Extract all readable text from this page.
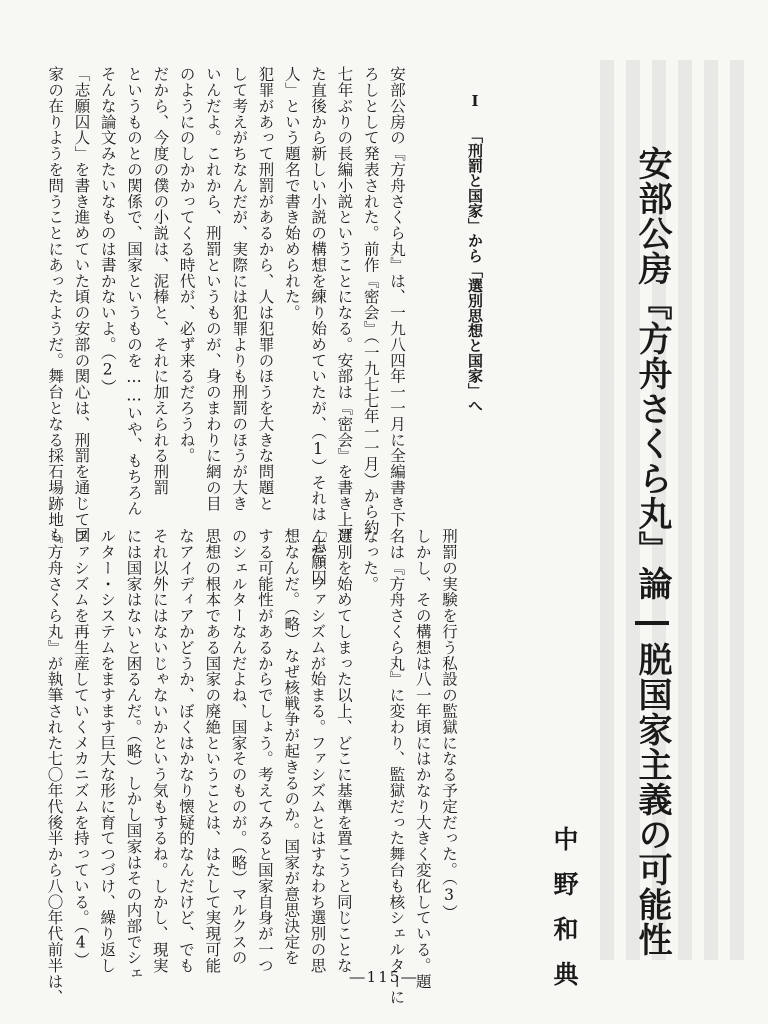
安部公房『方舟さくら丸』論―脱国家主義の可能性
中野和典
Ⅰ 「刑罰と国家」から「選別思想と国家」へ
安部公房の『方舟さくら丸』は、一九八四年一一月に全編書き下
ろしとして発表された。前作『密会』（一九七七年一一月）から約
七年ぶりの長編小説ということになる。安部は『密会』を書き上げ
た直後から新しい小説の構想を練り始めていたが、（1）それは「志願囚
人」という題名で書き始められた。
犯罪があって刑罰があるから、人は犯罪のほうを大きな問題と
して考えがちなんだが、実際には犯罪よりも刑罰のほうが大き
いんだよ。これから、刑罰というものが、身のまわりに網の目
のようにのしかかってくる時代が、必ず来るだろうね。
だから、今度の僕の小説は、泥棒と、それに加えられる刑罰
というものとの関係で、国家というものを……いや、もちろん
そんな論文みたいなものは書かないよ。（2）
「志願囚人」を書き進めていた頃の安部の関心は、刑罰を通じて国
家の在りようを問うことにあったようだ。舞台となる採石場跡地も
刑罰の実験を行う私設の監獄になる予定だった。（3）
しかし、その構想は八一年頃にはかなり大きく変化している。題
名は『方舟さくら丸』に変わり、監獄だった舞台も核シェルターに
なった。
選別を始めてしまった以上、どこに基準を置こうと同じことな
んだ。ファシズムが始まる。ファシズムとはすなわち選別の思
想なんだ。（略）なぜ核戦争が起きるのか。国家が意思決定を
する可能性があるからでしょう。考えてみると国家自身が一つ
のシェルターなんだよね、国家そのものが。（略）マルクスの
思想の根本である国家の廃絶ということは、はたして実現可能
なアイディアかどうか、ぼくはかなり懐疑的なんだけど、でも
それ以外にはないじゃないかという気もするね。しかし、現実
には国家はないと困るんだ。（略）しかし国家はその内部でシェ
ルター・システムをますます巨大な形に育てつづけ、繰り返し
ファシズムを再生産していくメカニズムを持っている。（4）
『方舟さくら丸』が執筆された七〇年代後半から八〇年代前半は、	―115―
